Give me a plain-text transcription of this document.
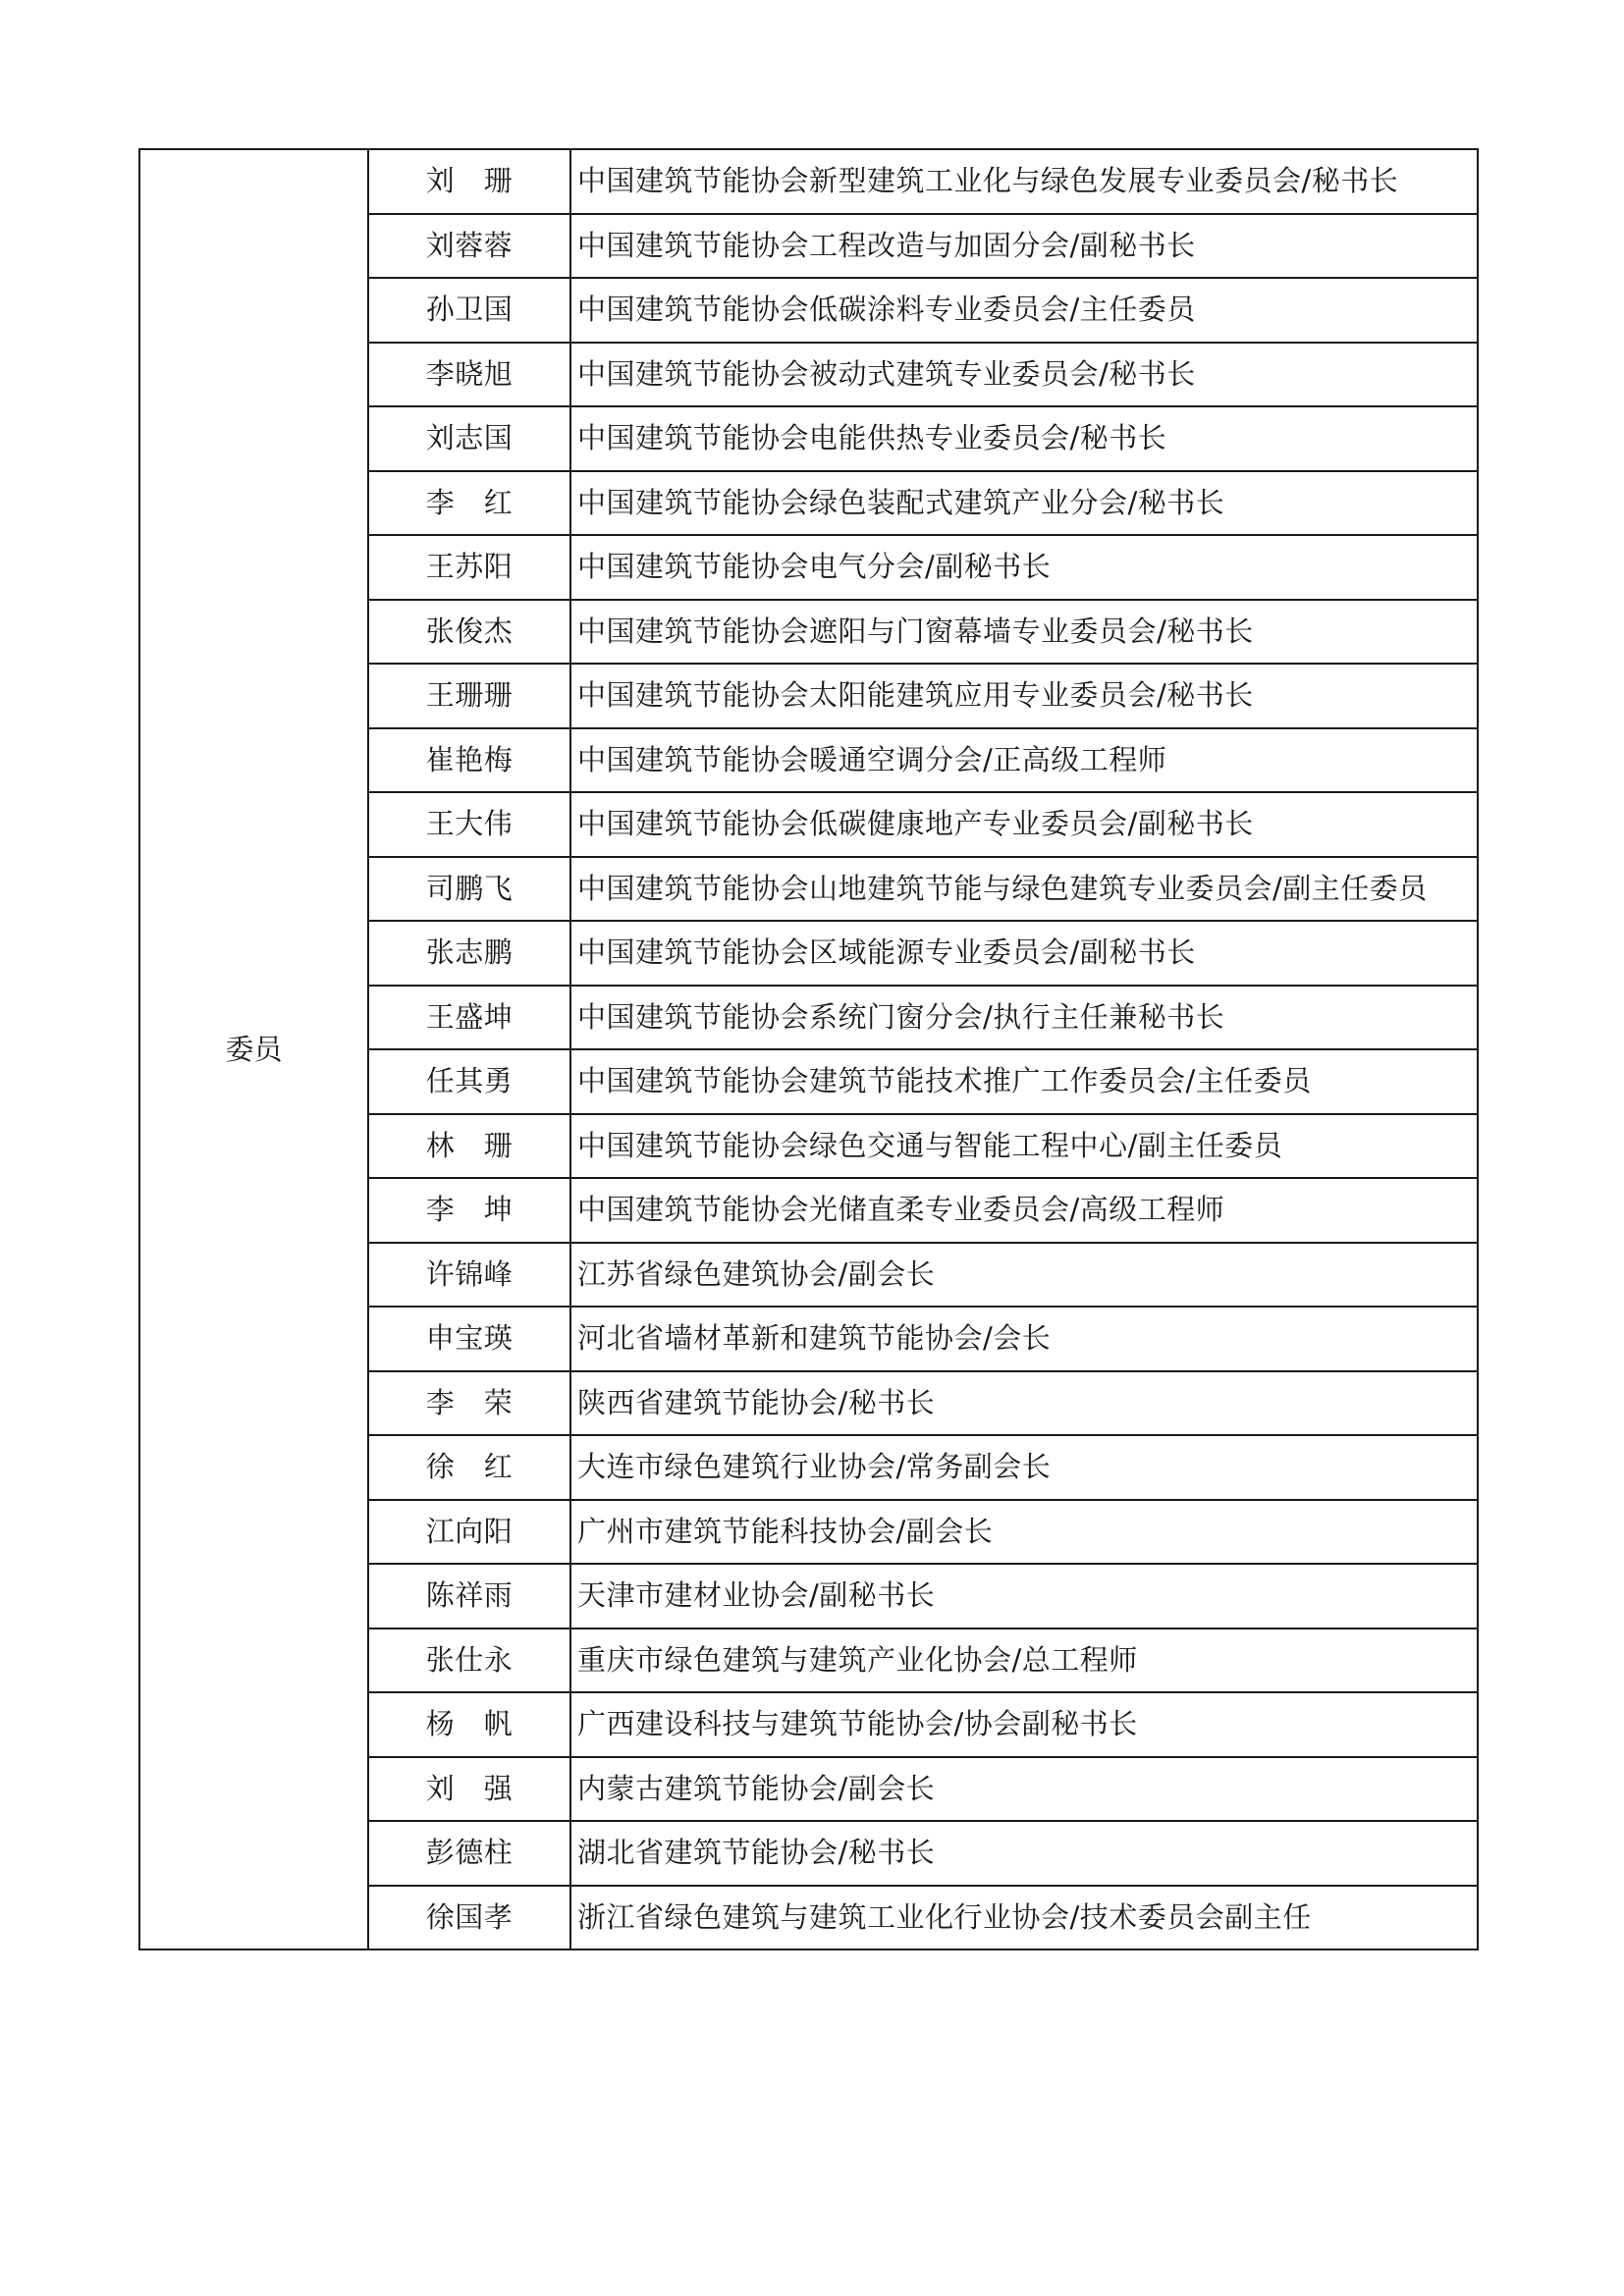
委员	刘　珊	中国建筑节能协会新型建筑工业化与绿色发展专业委员会/秘书长
	刘蓉蓉	中国建筑节能协会工程改造与加固分会/副秘书长
	孙卫国	中国建筑节能协会低碳涂料专业委员会/主任委员
	李晓旭	中国建筑节能协会被动式建筑专业委员会/秘书长
	刘志国	中国建筑节能协会电能供热专业委员会/秘书长
	李　红	中国建筑节能协会绿色装配式建筑产业分会/秘书长
	王苏阳	中国建筑节能协会电气分会/副秘书长
	张俊杰	中国建筑节能协会遮阳与门窗幕墙专业委员会/秘书长
	王珊珊	中国建筑节能协会太阳能建筑应用专业委员会/秘书长
	崔艳梅	中国建筑节能协会暖通空调分会/正高级工程师
	王大伟	中国建筑节能协会低碳健康地产专业委员会/副秘书长
	司鹏飞	中国建筑节能协会山地建筑节能与绿色建筑专业委员会/副主任委员
	张志鹏	中国建筑节能协会区域能源专业委员会/副秘书长
	王盛坤	中国建筑节能协会系统门窗分会/执行主任兼秘书长
	任其勇	中国建筑节能协会建筑节能技术推广工作委员会/主任委员
	林　珊	中国建筑节能协会绿色交通与智能工程中心/副主任委员
	李　坤	中国建筑节能协会光储直柔专业委员会/高级工程师
	许锦峰	江苏省绿色建筑协会/副会长
	申宝瑛	河北省墙材革新和建筑节能协会/会长
	李　荣	陕西省建筑节能协会/秘书长
	徐　红	大连市绿色建筑行业协会/常务副会长
	江向阳	广州市建筑节能科技协会/副会长
	陈祥雨	天津市建材业协会/副秘书长
	张仕永	重庆市绿色建筑与建筑产业化协会/总工程师
	杨　帆	广西建设科技与建筑节能协会/协会副秘书长
	刘　强	内蒙古建筑节能协会/副会长
	彭德柱	湖北省建筑节能协会/秘书长
	徐国孝	浙江省绿色建筑与建筑工业化行业协会/技术委员会副主任
